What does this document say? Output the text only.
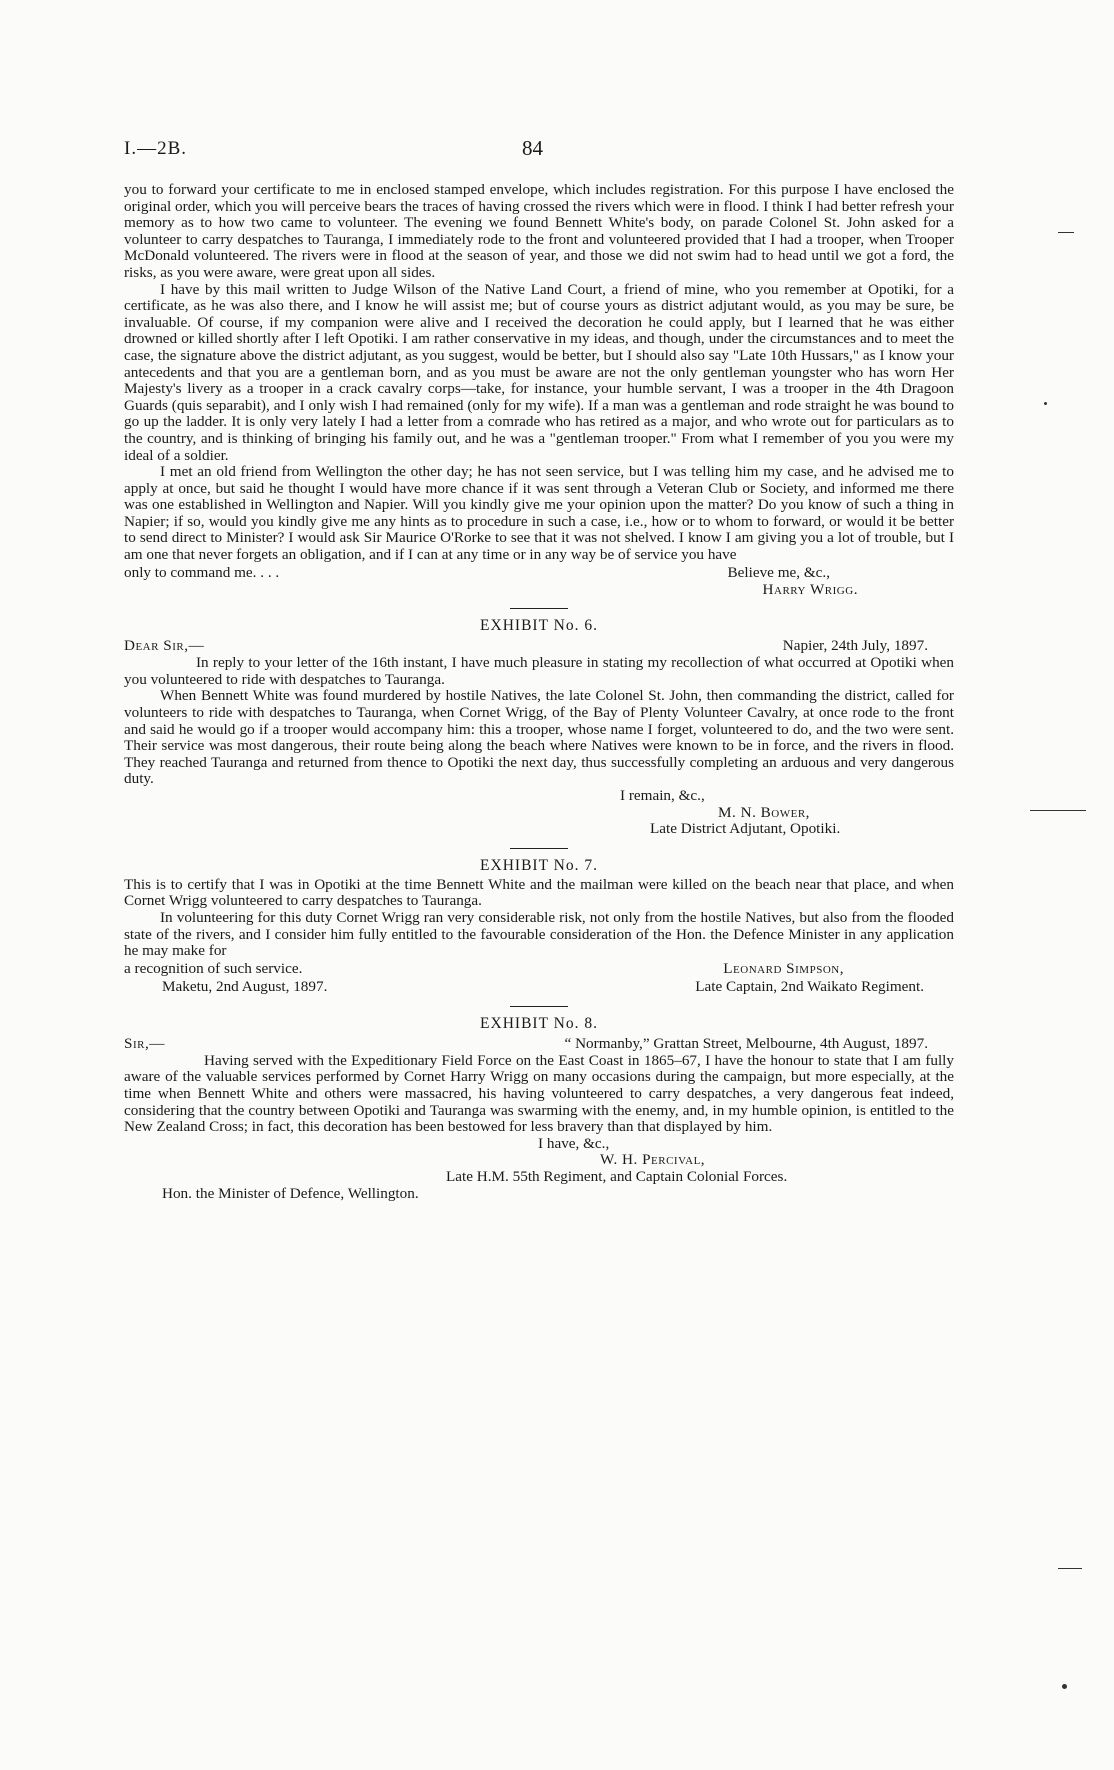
I.—2B.	84

you to forward your certificate to me in enclosed stamped envelope, which includes registration. For this purpose I have enclosed the original order, which you will perceive bears the traces of having crossed the rivers which were in flood. I think I had better refresh your memory as to how two came to volunteer. The evening we found Bennett White's body, on parade Colonel St. John asked for a volunteer to carry despatches to Tauranga, I immediately rode to the front and volunteered provided that I had a trooper, when Trooper McDonald volunteered. The rivers were in flood at the season of year, and those we did not swim had to head until we got a ford, the risks, as you were aware, were great upon all sides.

I have by this mail written to Judge Wilson of the Native Land Court, a friend of mine, who you remember at Opotiki, for a certificate, as he was also there, and I know he will assist me; but of course yours as district adjutant would, as you may be sure, be invaluable. Of course, if my companion were alive and I received the decoration he could apply, but I learned that he was either drowned or killed shortly after I left Opotiki. I am rather conservative in my ideas, and though, under the circumstances and to meet the case, the signature above the district adjutant, as you suggest, would be better, but I should also say "Late 10th Hussars," as I know your antecedents and that you are a gentleman born, and as you must be aware are not the only gentleman youngster who has worn Her Majesty's livery as a trooper in a crack cavalry corps—take, for instance, your humble servant, I was a trooper in the 4th Dragoon Guards (quis separabit), and I only wish I had remained (only for my wife). If a man was a gentleman and rode straight he was bound to go up the ladder. It is only very lately I had a letter from a comrade who has retired as a major, and who wrote out for particulars as to the country, and is thinking of bringing his family out, and he was a "gentleman trooper." From what I remember of you you were my ideal of a soldier.

I met an old friend from Wellington the other day; he has not seen service, but I was telling him my case, and he advised me to apply at once, but said he thought I would have more chance if it was sent through a Veteran Club or Society, and informed me there was one established in Wellington and Napier. Will you kindly give me your opinion upon the matter? Do you know of such a thing in Napier; if so, would you kindly give me any hints as to procedure in such a case, i.e., how or to whom to forward, or would it be better to send direct to Minister? I would ask Sir Maurice O'Rorke to see that it was not shelved. I know I am giving you a lot of trouble, but I am one that never forgets an obligation, and if I can at any time or in any way be of service you have

only to command me. . . .	Believe me, &c.,
Harry Wrigg.
EXHIBIT No. 6.
Dear Sir,—	Napier, 24th July, 1897.

In reply to your letter of the 16th instant, I have much pleasure in stating my recollection of what occurred at Opotiki when you volunteered to ride with despatches to Tauranga.

When Bennett White was found murdered by hostile Natives, the late Colonel St. John, then commanding the district, called for volunteers to ride with despatches to Tauranga, when Cornet Wrigg, of the Bay of Plenty Volunteer Cavalry, at once rode to the front and said he would go if a trooper would accompany him: this a trooper, whose name I forget, volunteered to do, and the two were sent. Their service was most dangerous, their route being along the beach where Natives were known to be in force, and the rivers in flood. They reached Tauranga and returned from thence to Opotiki the next day, thus successfully completing an arduous and very dangerous duty.

I remain, &c.,
M. N. Bower,
Late District Adjutant, Opotiki.
EXHIBIT No. 7.

This is to certify that I was in Opotiki at the time Bennett White and the mailman were killed on the beach near that place, and when Cornet Wrigg volunteered to carry despatches to Tauranga.

In volunteering for this duty Cornet Wrigg ran very considerable risk, not only from the hostile Natives, but also from the flooded state of the rivers, and I consider him fully entitled to the favourable consideration of the Hon. the Defence Minister in any application he may make for

a recognition of such service.	Leonard Simpson,
Maketu, 2nd August, 1897.	Late Captain, 2nd Waikato Regiment.
EXHIBIT No. 8.
Sir,—	“ Normanby,” Grattan Street, Melbourne, 4th August, 1897.

Having served with the Expeditionary Field Force on the East Coast in 1865–67, I have the honour to state that I am fully aware of the valuable services performed by Cornet Harry Wrigg on many occasions during the campaign, but more especially, at the time when Bennett White and others were massacred, his having volunteered to carry despatches, a very dangerous feat indeed, considering that the country between Opotiki and Tauranga was swarming with the enemy, and, in my humble opinion, is entitled to the New Zealand Cross; in fact, this decoration has been bestowed for less bravery than that displayed by him.

I have, &c.,
W. H. Percival,
Late H.M. 55th Regiment, and Captain Colonial Forces.
Hon. the Minister of Defence, Wellington.
